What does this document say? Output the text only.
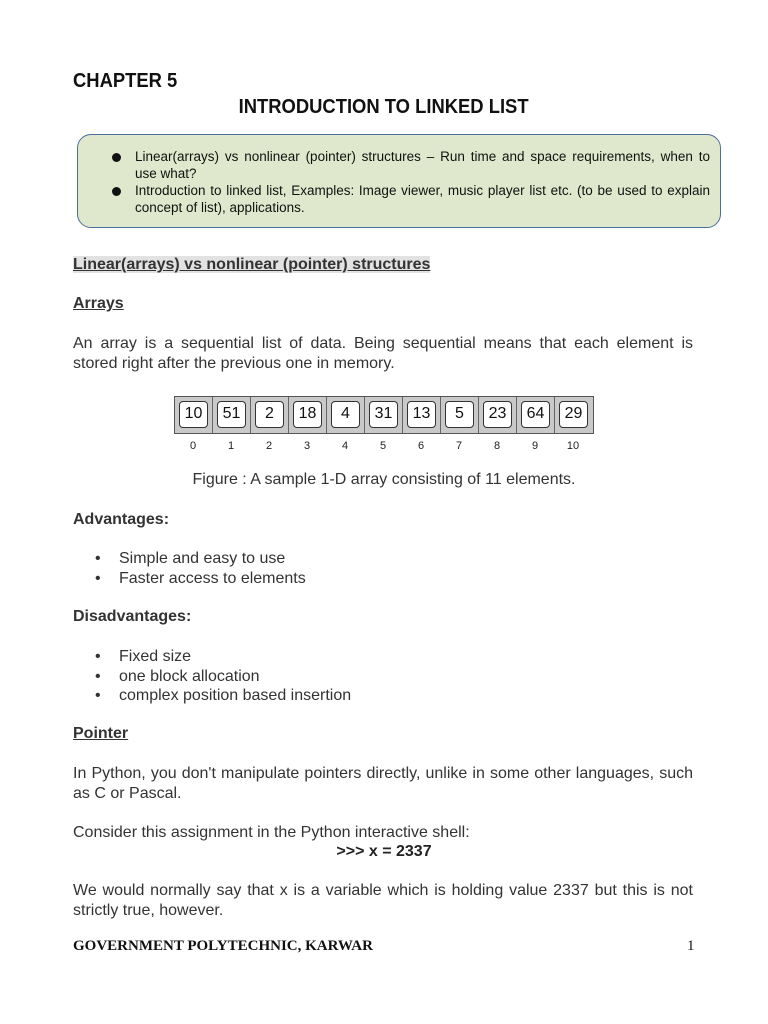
CHAPTER 5
INTRODUCTION TO LINKED LIST
Linear(arrays) vs nonlinear (pointer) structures – Run time and space requirements, when to use what?
Introduction to linked list, Examples: Image viewer, music player list etc. (to be used to explain concept of list), applications.
Linear(arrays) vs nonlinear (pointer) structures
Arrays
An array is a sequential list of data. Being sequential means that each element is stored right after the previous one in memory.
10	51	2	18	4	31	13	5	23	64	29
0	1	2	3	4	5	6	7	8	9	10
Figure : A sample 1-D array consisting of 11 elements.
Advantages:
• Simple and easy to use
• Faster access to elements
Disadvantages:
• Fixed size
• one block allocation
• complex position based insertion
Pointer
In Python, you don't manipulate pointers directly, unlike in some other languages, such as C or Pascal.
Consider this assignment in the Python interactive shell:
>>> x = 2337
We would normally say that x is a variable which is holding value 2337 but this is not strictly true, however.
GOVERNMENT POLYTECHNIC, KARWAR	1
